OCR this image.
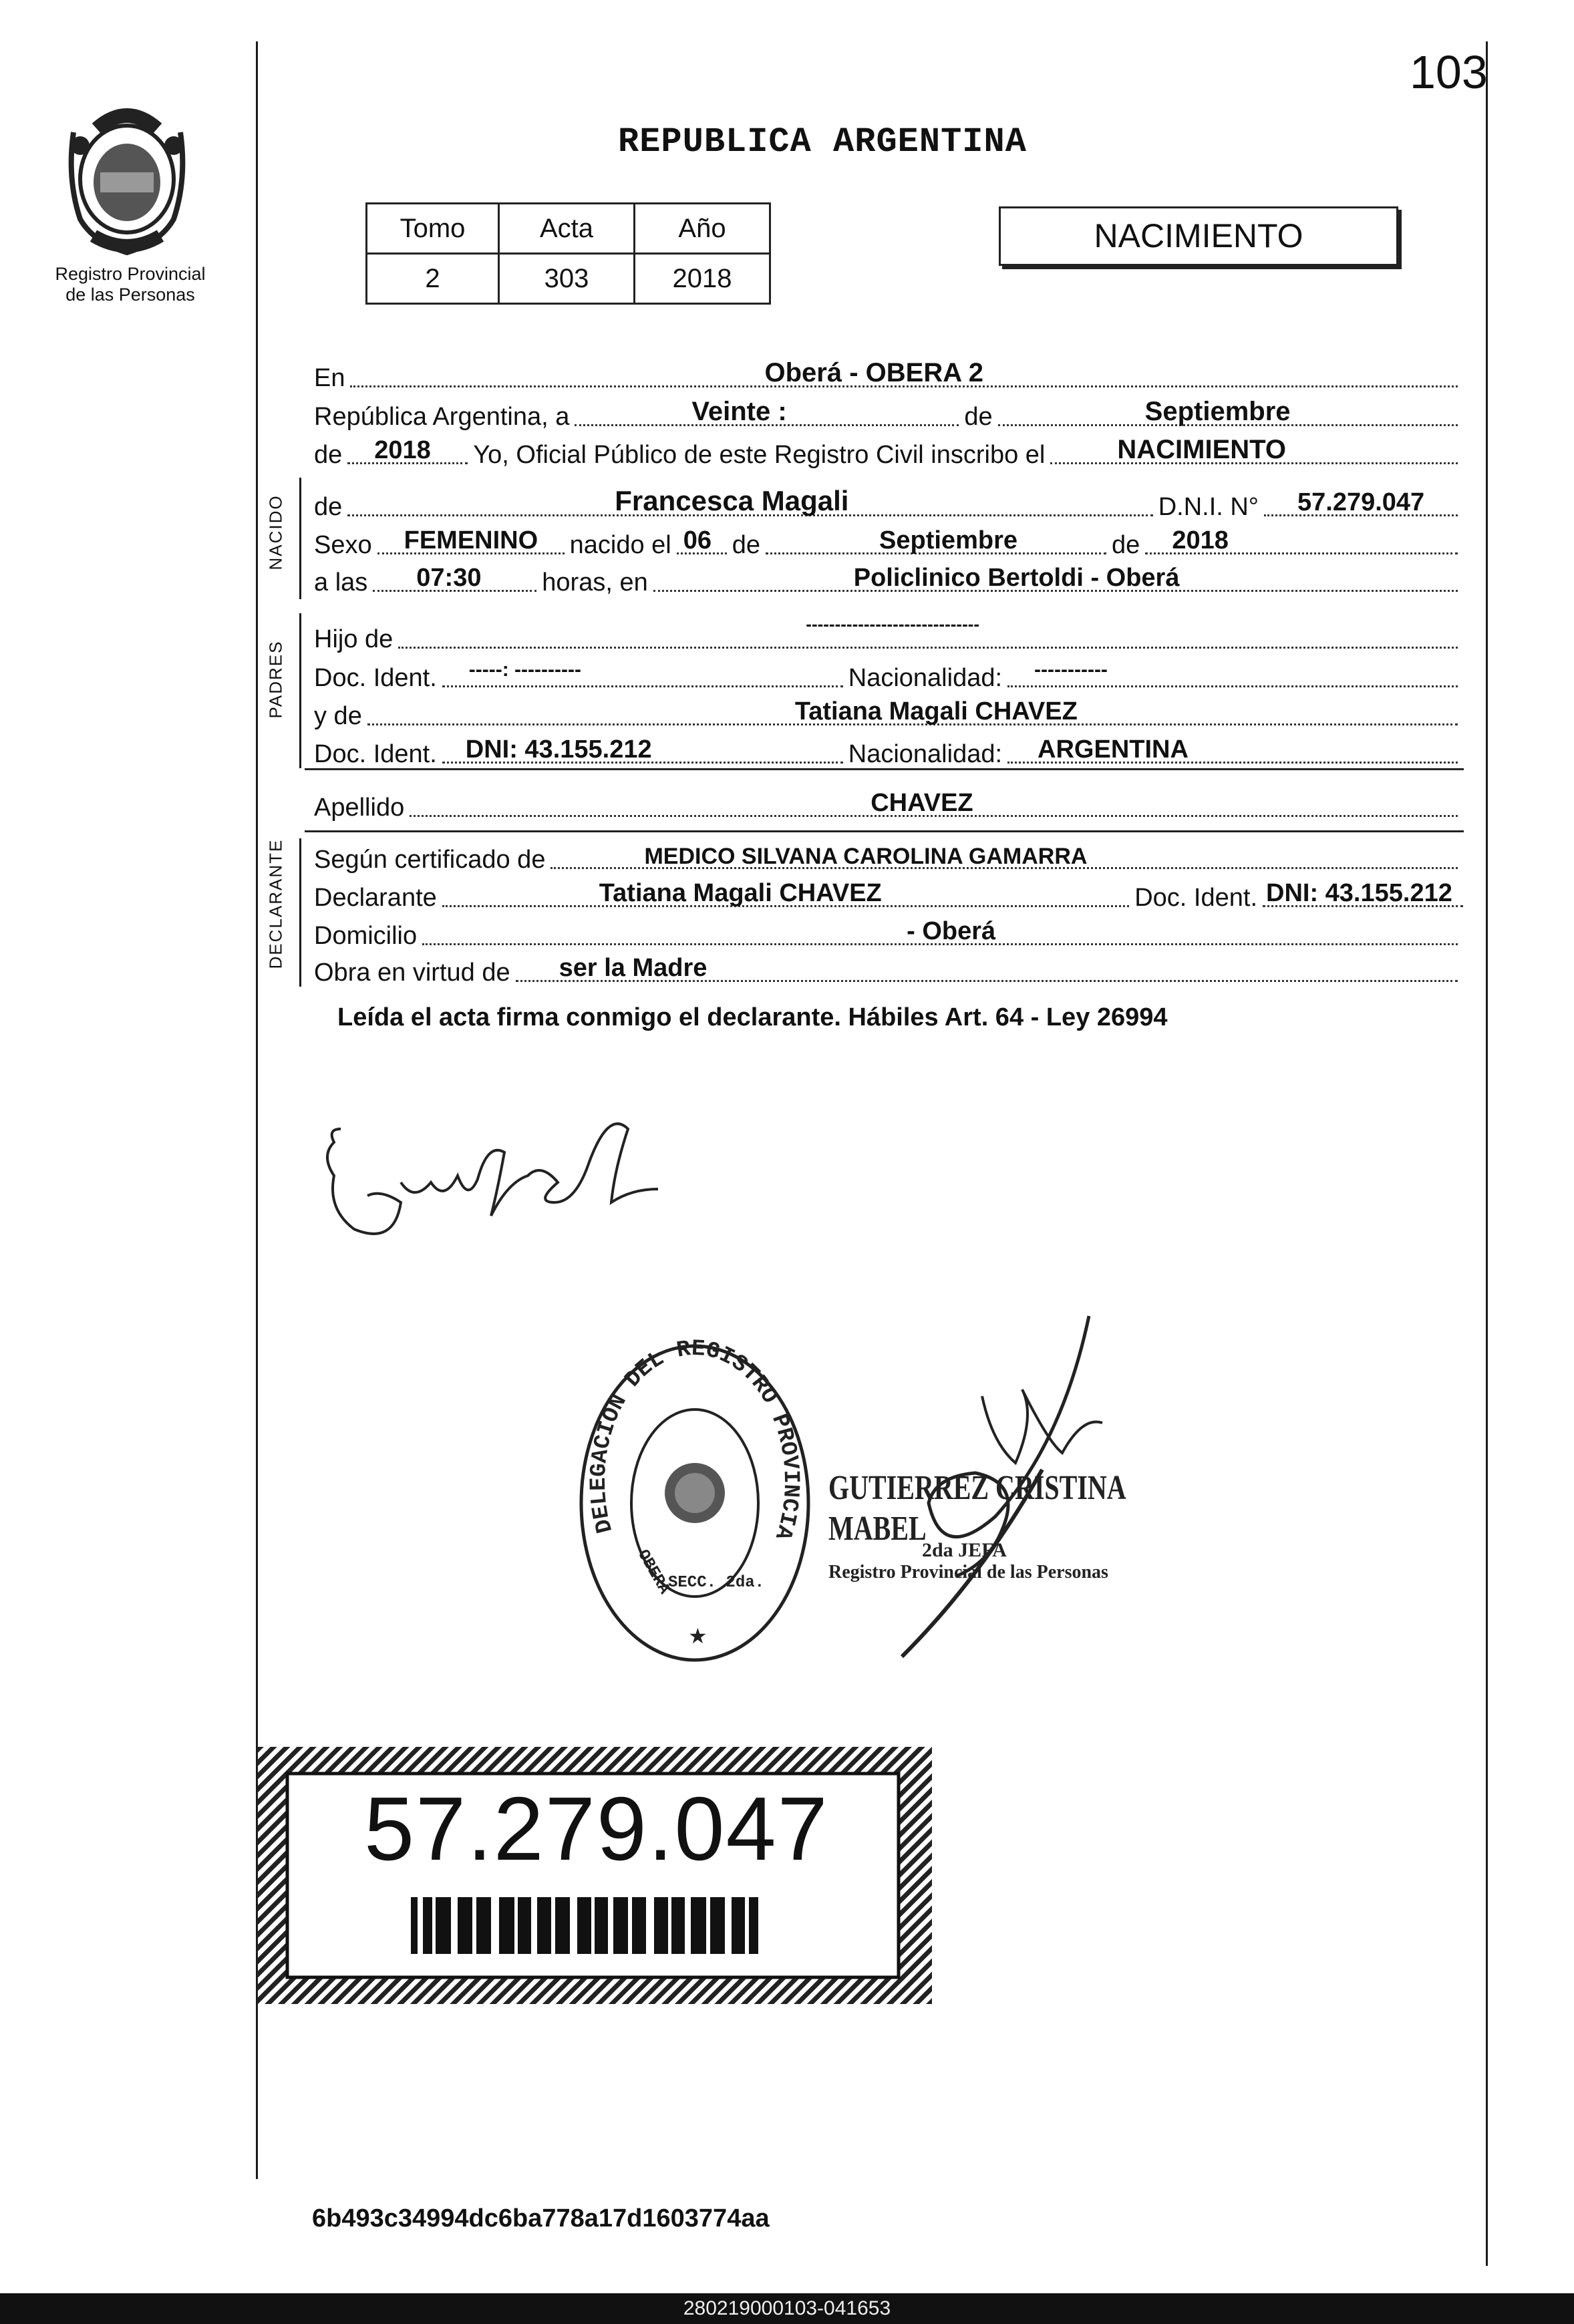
103
Registro Provincial
de las Personas
REPUBLICA ARGENTINA
Tomo	Acta	Año
2	303	2018
NACIMIENTO
En	Oberá - OBERA 2
República Argentina, a	Veinte :	de	Septiembre
de 2018 Yo, Oficial Público de este Registro Civil inscribo el	NACIMIENTO
NACIDO de	Francesca Magali	D.N.I. N° 57.279.047
Sexo FEMENINO nacido el 06 de	Septiembre	de 2018
a las 07:30 horas, en	Policlinico Bertoldi - Oberá
PADRES
Hijo de
------------------------------
Doc. Ident. -----: ----------	Nacionalidad: -----------
y de	Tatiana Magali CHAVEZ
Doc. Ident. DNI: 43.155.212	Nacionalidad: ARGENTINA
Apellido	CHAVEZ
DECLARANTE Según certificado de	MEDICO SILVANA CAROLINA GAMARRA
Declarante	Tatiana Magali CHAVEZ	Doc. Ident. DNI: 43.155.212
Domicilio	- Oberá
Obra en virtud de ser la Madre
Leída el acta firma conmigo el declarante. Hábiles Art. 64 - Ley 26994
DELEGACION DEL REGISTRO PROVINCIA
OBERA
SECC. 2da.
★
GUTIERREZ CRISTINA MABEL
2da JEFA
Registro Provincial de las Personas
57.279.047
6b493c34994dc6ba778a17d1603774aa
280219000103-041653
